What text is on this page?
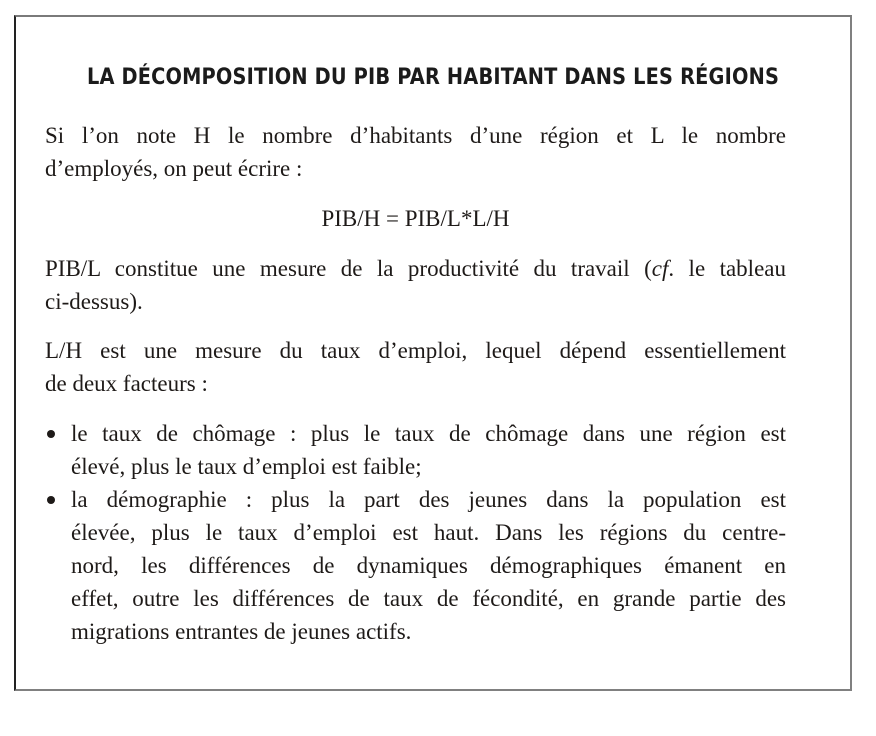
LA DÉCOMPOSITION DU PIB PAR HABITANT DANS LES RÉGIONS
Si l’on note H le nombre d’habitants d’une région et L le nombre
d’employés, on peut écrire :
PIB/H = PIB/L*L/H
PIB/L constitue une mesure de la productivité du travail (cf. le tableau
ci-dessus).
L/H est une mesure du taux d’emploi, lequel dépend essentiellement
de deux facteurs :
le taux de chômage : plus le taux de chômage dans une région est
élevé, plus le taux d’emploi est faible;
la démographie : plus la part des jeunes dans la population est
élevée, plus le taux d’emploi est haut. Dans les régions du centre-
nord, les différences de dynamiques démographiques émanent en
effet, outre les différences de taux de fécondité, en grande partie des
migrations entrantes de jeunes actifs.
